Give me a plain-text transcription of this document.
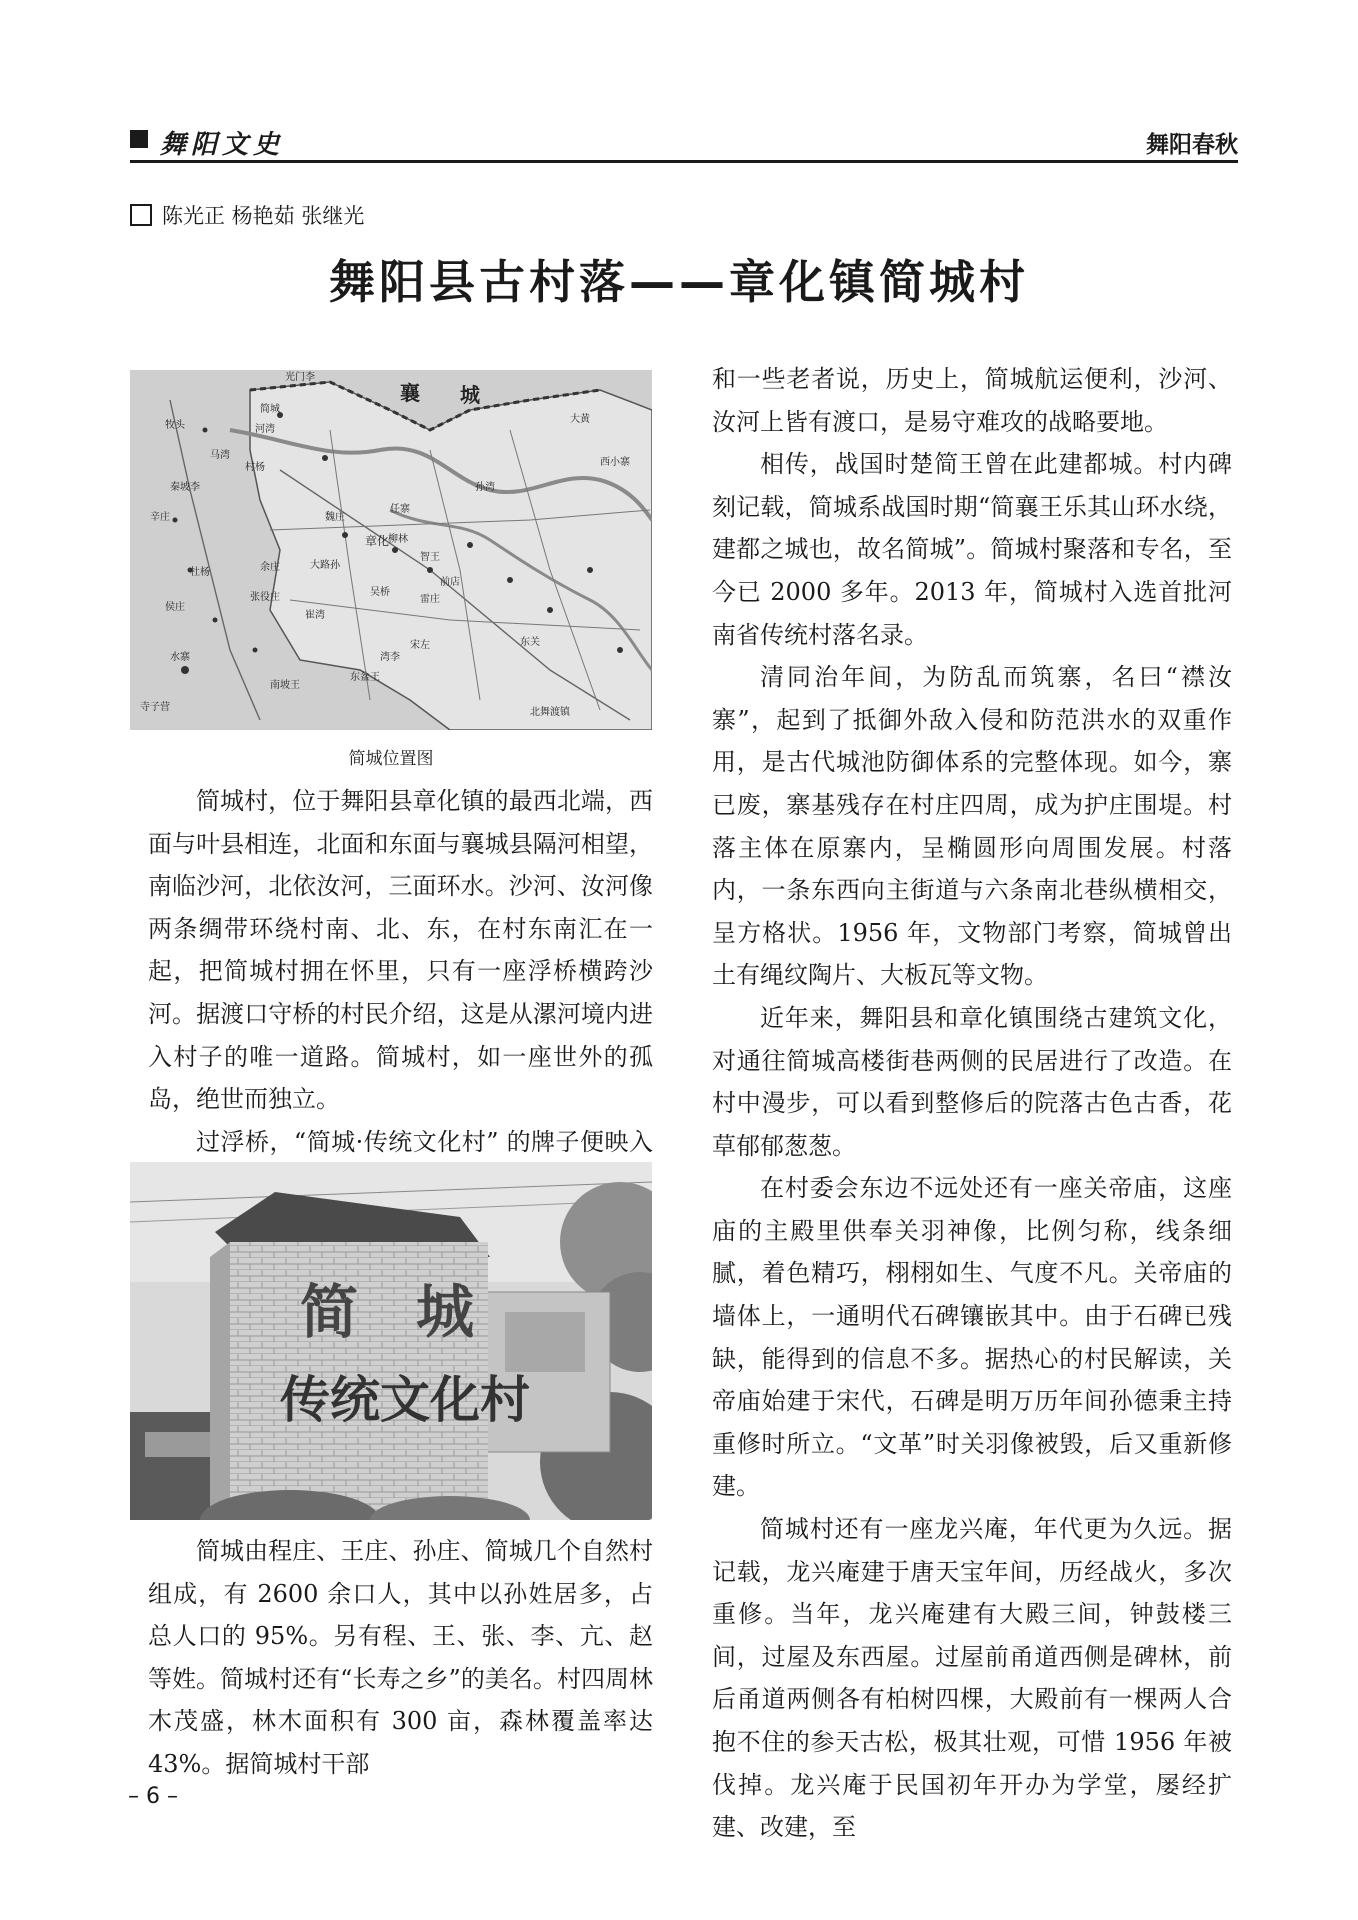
舞阳文史	舞阳春秋
陈光正 杨艳茹 张继光
舞阳县古村落——章化镇简城村
光门李
襄 城
简城
河湾
牧头
马湾
秦坡李
辛庄
杜杨
侯庄
张役庄
水寨
南坡王
东盆王
寺子营
余庄
村杨
章化
魏庄
大路孙
任寨
智王
孙湾
雷庄
柳林
崔湾
前店
宋左
吴桥
北舞渡镇
东关
大黄
西小寨
湾李
简城位置图

简城村，位于舞阳县章化镇的最西北端，西面与叶县相连，北面和东面与襄城县隔河相望，南临沙河，北依汝河，三面环水。沙河、汝河像两条绸带环绕村南、北、东，在村东南汇在一起，把简城村拥在怀里，只有一座浮桥横跨沙河。据渡口守桥的村民介绍，这是从漯河境内进入村子的唯一道路。简城村，如一座世外的孤岛，绝世而独立。

过浮桥，“简城·传统文化村” 的牌子便映入

简　城
传统文化村

简城由程庄、王庄、孙庄、简城几个自然村组成，有 2600 余口人，其中以孙姓居多，占总人口的 95%。另有程、王、张、李、亢、赵等姓。简城村还有“长寿之乡”的美名。村四周林木茂盛，林木面积有 300 亩，森林覆盖率达 43%。据简城村干部

和一些老者说，历史上，简城航运便利，沙河、汝河上皆有渡口，是易守难攻的战略要地。

相传，战国时楚简王曾在此建都城。村内碑刻记载，简城系战国时期“简襄王乐其山环水绕，建都之城也，故名简城”。简城村聚落和专名，至今已 2000 多年。2013 年，简城村入选首批河南省传统村落名录。

清同治年间，为防乱而筑寨，名曰“襟汝寨”，起到了抵御外敌入侵和防范洪水的双重作用，是古代城池防御体系的完整体现。如今，寨已废，寨基残存在村庄四周，成为护庄围堤。村落主体在原寨内，呈椭圆形向周围发展。村落内，一条东西向主街道与六条南北巷纵横相交，呈方格状。1956 年，文物部门考察，简城曾出土有绳纹陶片、大板瓦等文物。

近年来，舞阳县和章化镇围绕古建筑文化，对通往简城高楼街巷两侧的民居进行了改造。在村中漫步，可以看到整修后的院落古色古香，花草郁郁葱葱。

在村委会东边不远处还有一座关帝庙，这座庙的主殿里供奉关羽神像，比例匀称，线条细腻，着色精巧，栩栩如生、气度不凡。关帝庙的墙体上，一通明代石碑镶嵌其中。由于石碑已残缺，能得到的信息不多。据热心的村民解读，关帝庙始建于宋代，石碑是明万历年间孙德秉主持重修时所立。“文革”时关羽像被毁，后又重新修建。

简城村还有一座龙兴庵，年代更为久远。据记载，龙兴庵建于唐天宝年间，历经战火，多次重修。当年，龙兴庵建有大殿三间，钟鼓楼三间，过屋及东西屋。过屋前甬道西侧是碑林，前后甬道两侧各有柏树四棵，大殿前有一棵两人合抱不住的参天古松，极其壮观，可惜 1956 年被伐掉。龙兴庵于民国初年开办为学堂，屡经扩建、改建，至

– 6 –
